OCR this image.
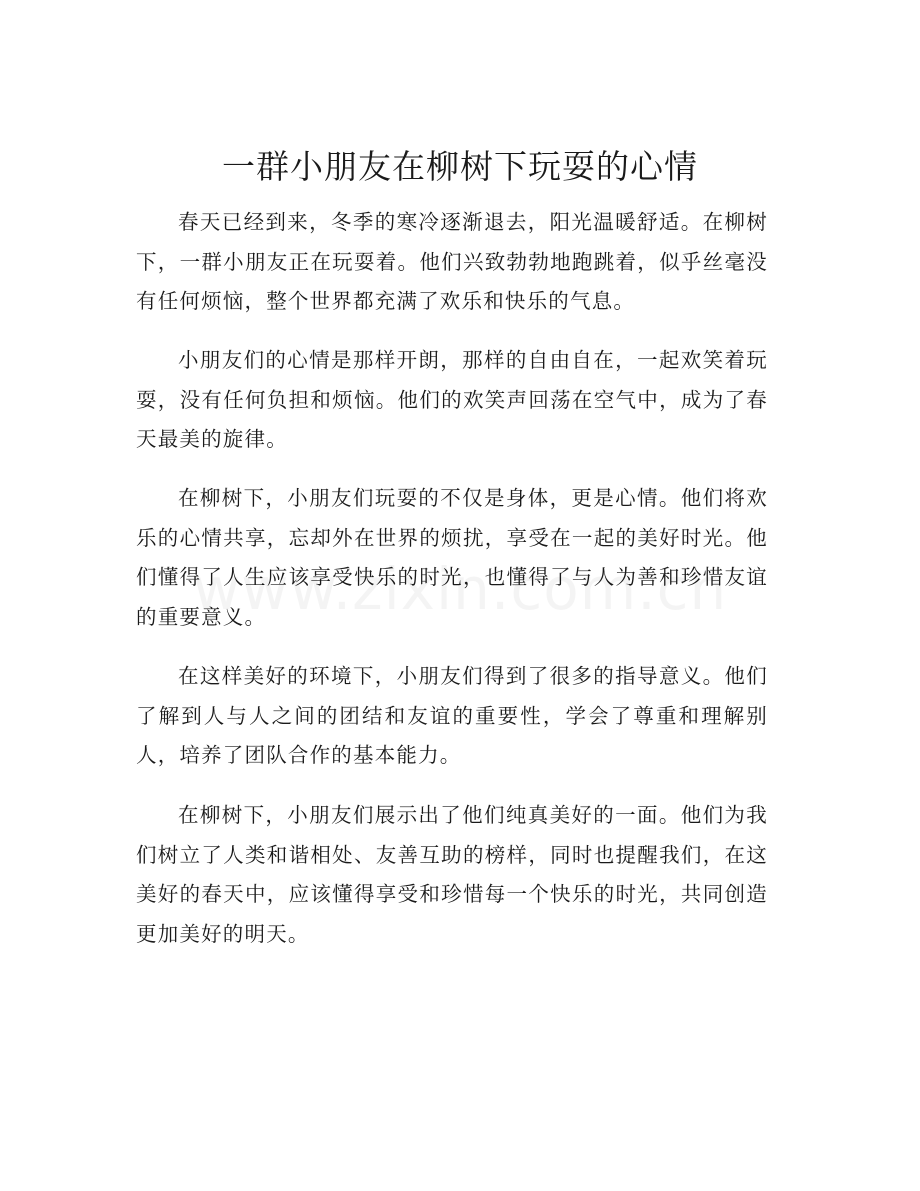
一群小朋友在柳树下玩耍的心情

春天已经到来，冬季的寒冷逐渐退去，阳光温暖舒适。在柳树下，一群小朋友正在玩耍着。他们兴致勃勃地跑跳着，似乎丝毫没有任何烦恼，整个世界都充满了欢乐和快乐的气息。

小朋友们的心情是那样开朗，那样的自由自在，一起欢笑着玩耍，没有任何负担和烦恼。他们的欢笑声回荡在空气中，成为了春天最美的旋律。

在柳树下，小朋友们玩耍的不仅是身体，更是心情。他们将欢乐的心情共享，忘却外在世界的烦扰，享受在一起的美好时光。他们懂得了人生应该享受快乐的时光，也懂得了与人为善和珍惜友谊的重要意义。

在这样美好的环境下，小朋友们得到了很多的指导意义。他们了解到人与人之间的团结和友谊的重要性，学会了尊重和理解别人，培养了团队合作的基本能力。

在柳树下，小朋友们展示出了他们纯真美好的一面。他们为我们树立了人类和谐相处、友善互助的榜样，同时也提醒我们，在这美好的春天中，应该懂得享受和珍惜每一个快乐的时光，共同创造更加美好的明天。
